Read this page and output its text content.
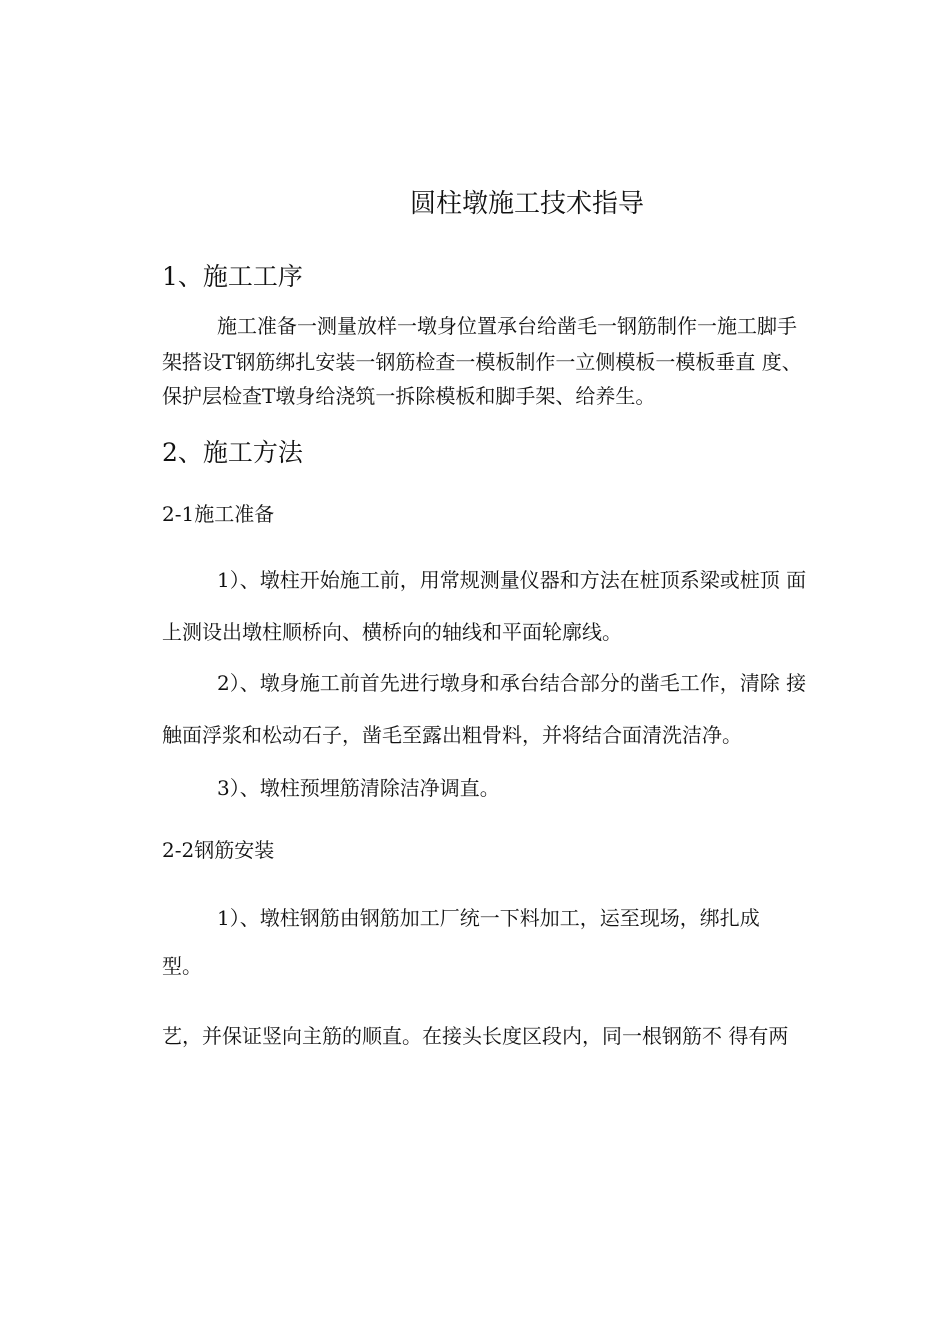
圆柱墩施工技术指导
1、施工工序
施工准备一测量放样一墩身位置承台给凿毛一钢筋制作一施工脚手
架搭设T钢筋绑扎安装一钢筋检查一模板制作一立侧模板一模板垂直 度、
保护层检查T墩身给浇筑一拆除模板和脚手架、给养生。
2、施工方法
2-1施工准备
1）、墩柱开始施工前，用常规测量仪器和方法在桩顶系梁或桩顶 面
上测设出墩柱顺桥向、横桥向的轴线和平面轮廓线。
2）、墩身施工前首先进行墩身和承台结合部分的凿毛工作，清除 接
触面浮浆和松动石子，凿毛至露出粗骨料，并将结合面清洗洁净。
3）、墩柱预埋筋清除洁净调直。
2-2钢筋安装
1）、墩柱钢筋由钢筋加工厂统一下料加工，运至现场，绑扎成
型。
艺，并保证竖向主筋的顺直。在接头长度区段内，同一根钢筋不 得有两
